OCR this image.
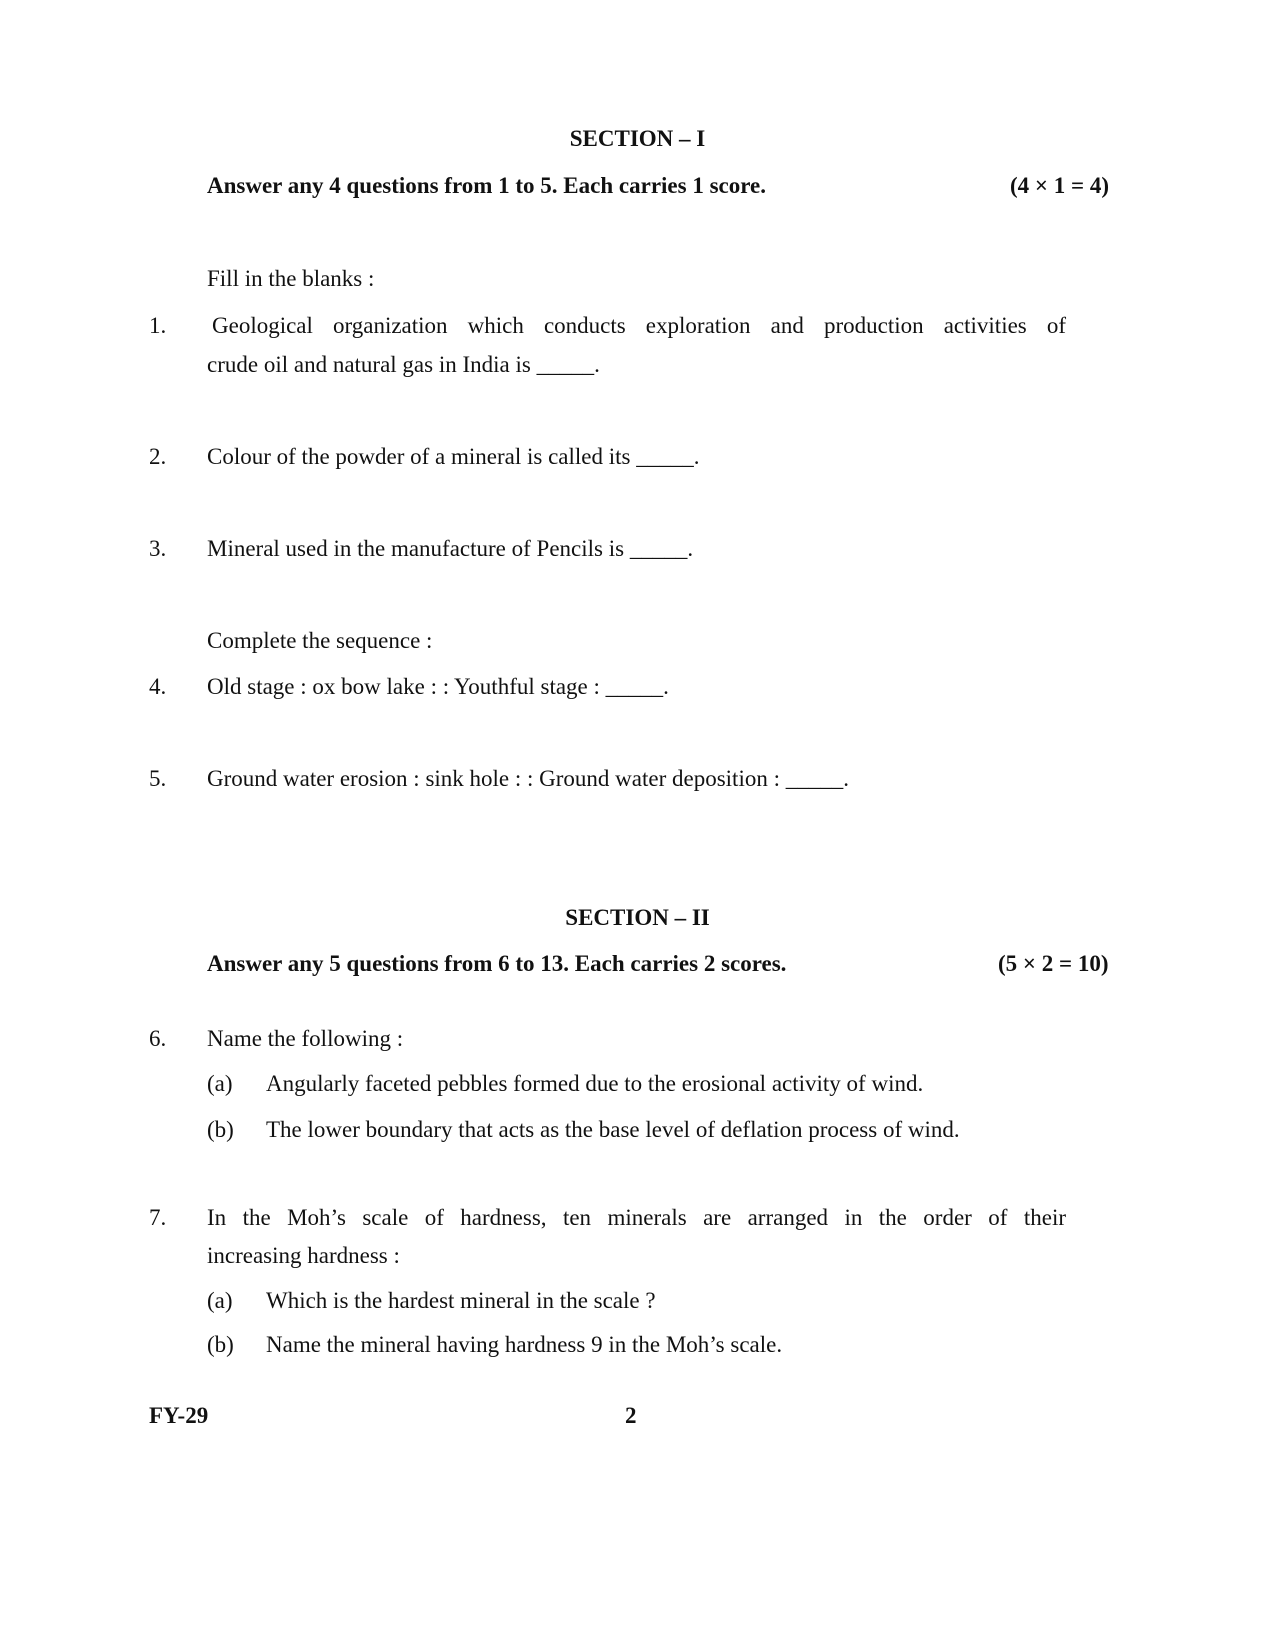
SECTION – I
Answer any 4 questions from 1 to 5. Each carries 1 score.	(4 × 1 = 4)
Fill in the blanks :
1. Geological organization which conducts exploration and production activities of
crude oil and natural gas in India is _____.
2. Colour of the powder of a mineral is called its _____.
3. Mineral used in the manufacture of Pencils is _____.
Complete the sequence :
4. Old stage : ox bow lake : : Youthful stage : _____.
5. Ground water erosion : sink hole : : Ground water deposition : _____.
SECTION – II
Answer any 5 questions from 6 to 13. Each carries 2 scores.	(5 × 2 = 10)
6. Name the following :
(a) Angularly faceted pebbles formed due to the erosional activity of wind.
(b) The lower boundary that acts as the base level of deflation process of wind.
7. In the Moh’s scale of hardness, ten minerals are arranged in the order of their
increasing hardness :
(a) Which is the hardest mineral in the scale ?
(b) Name the mineral having hardness 9 in the Moh’s scale.
FY-29	2
